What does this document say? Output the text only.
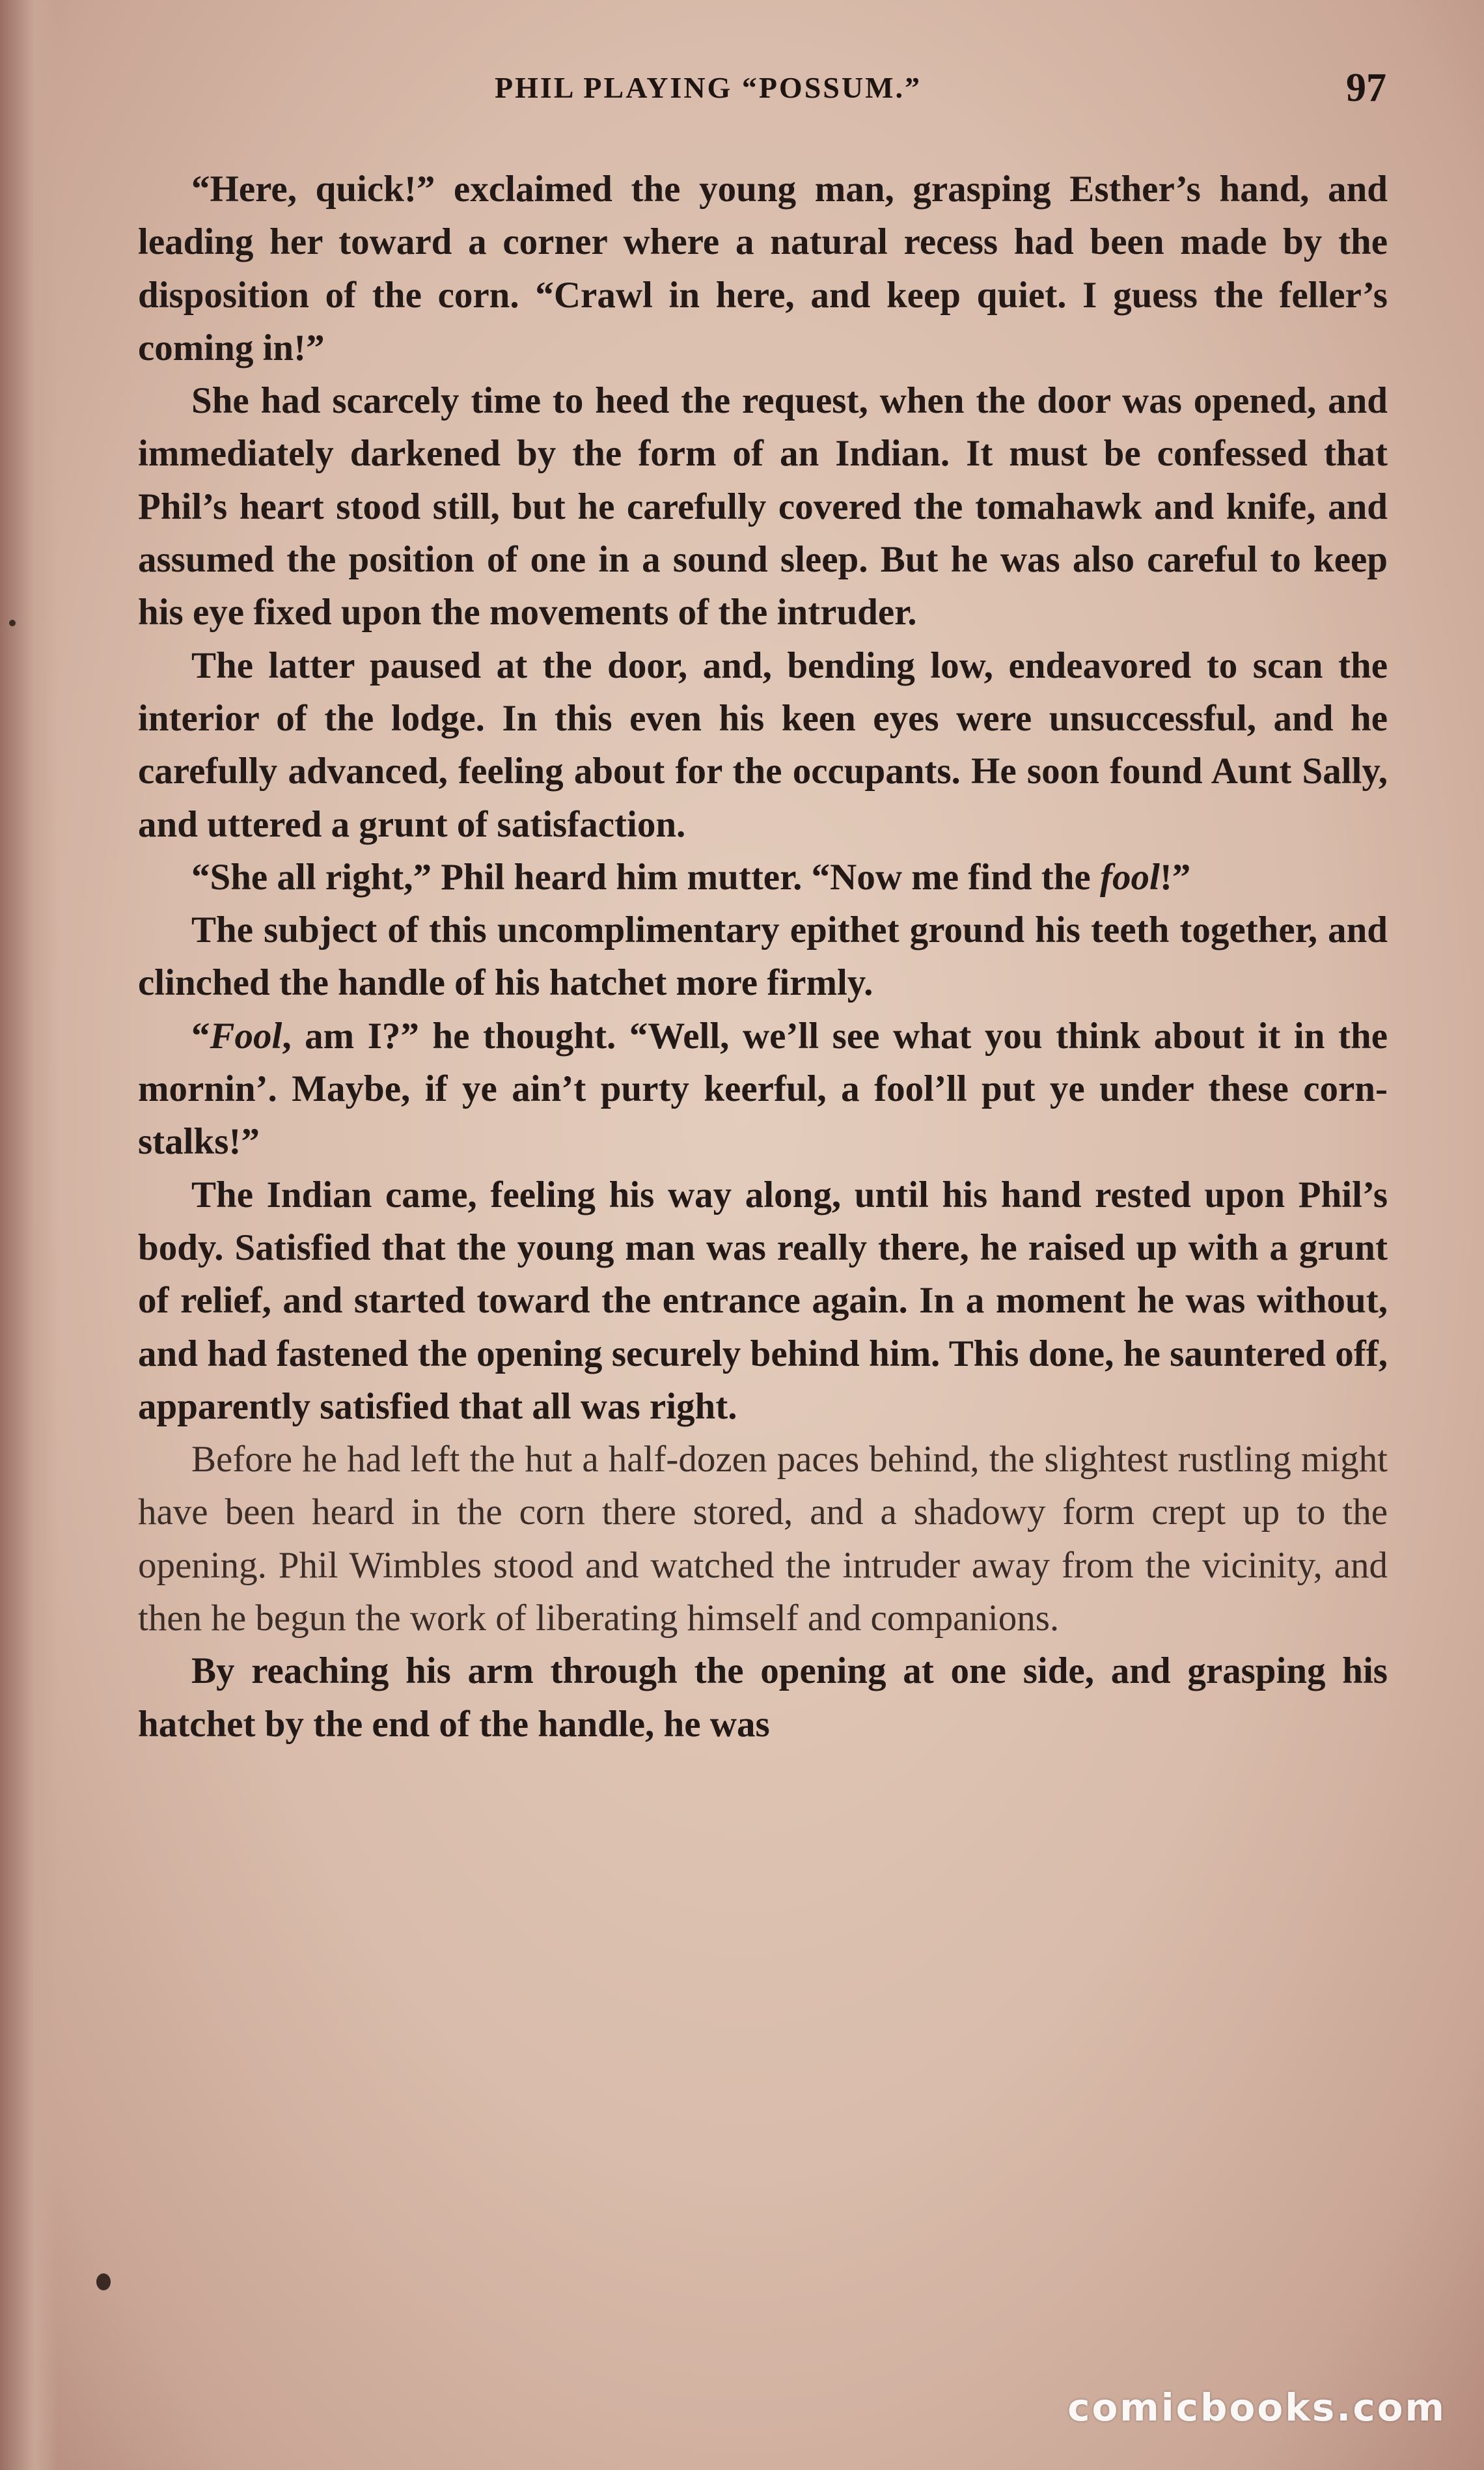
PHIL PLAYING “POSSUM.”	97

“Here, quick!” exclaimed the young man, grasping Esther’s hand, and leading her toward a corner where a natural recess had been made by the disposition of the corn. “Crawl in here, and keep quiet. I guess the feller’s coming in!”

She had scarcely time to heed the request, when the door was opened, and immediately darkened by the form of an Indian. It must be confessed that Phil’s heart stood still, but he carefully covered the tomahawk and knife, and assumed the position of one in a sound sleep. But he was also careful to keep his eye fixed upon the movements of the intruder.

The latter paused at the door, and, bending low, endeavored to scan the interior of the lodge. In this even his keen eyes were unsuccessful, and he carefully advanced, feeling about for the occupants. He soon found Aunt Sally, and uttered a grunt of satisfaction.

“She all right,” Phil heard him mutter. “Now me find the fool!”

The subject of this uncomplimentary epithet ground his teeth together, and clinched the handle of his hatchet more firmly.

“Fool, am I?” he thought. “Well, we’ll see what you think about it in the mornin’. Maybe, if ye ain’t purty keerful, a fool’ll put ye under these corn-stalks!”

The Indian came, feeling his way along, until his hand rested upon Phil’s body. Satisfied that the young man was really there, he raised up with a grunt of relief, and started toward the entrance again. In a moment he was without, and had fastened the opening securely behind him. This done, he sauntered off, apparently satisfied that all was right.

Before he had left the hut a half-dozen paces behind, the slightest rustling might have been heard in the corn there stored, and a shadowy form crept up to the opening. Phil Wimbles stood and watched the intruder away from the vicinity, and then he begun the work of liberating himself and companions.

By reaching his arm through the opening at one side, and grasping his hatchet by the end of the handle, he was

comicbooks.com
